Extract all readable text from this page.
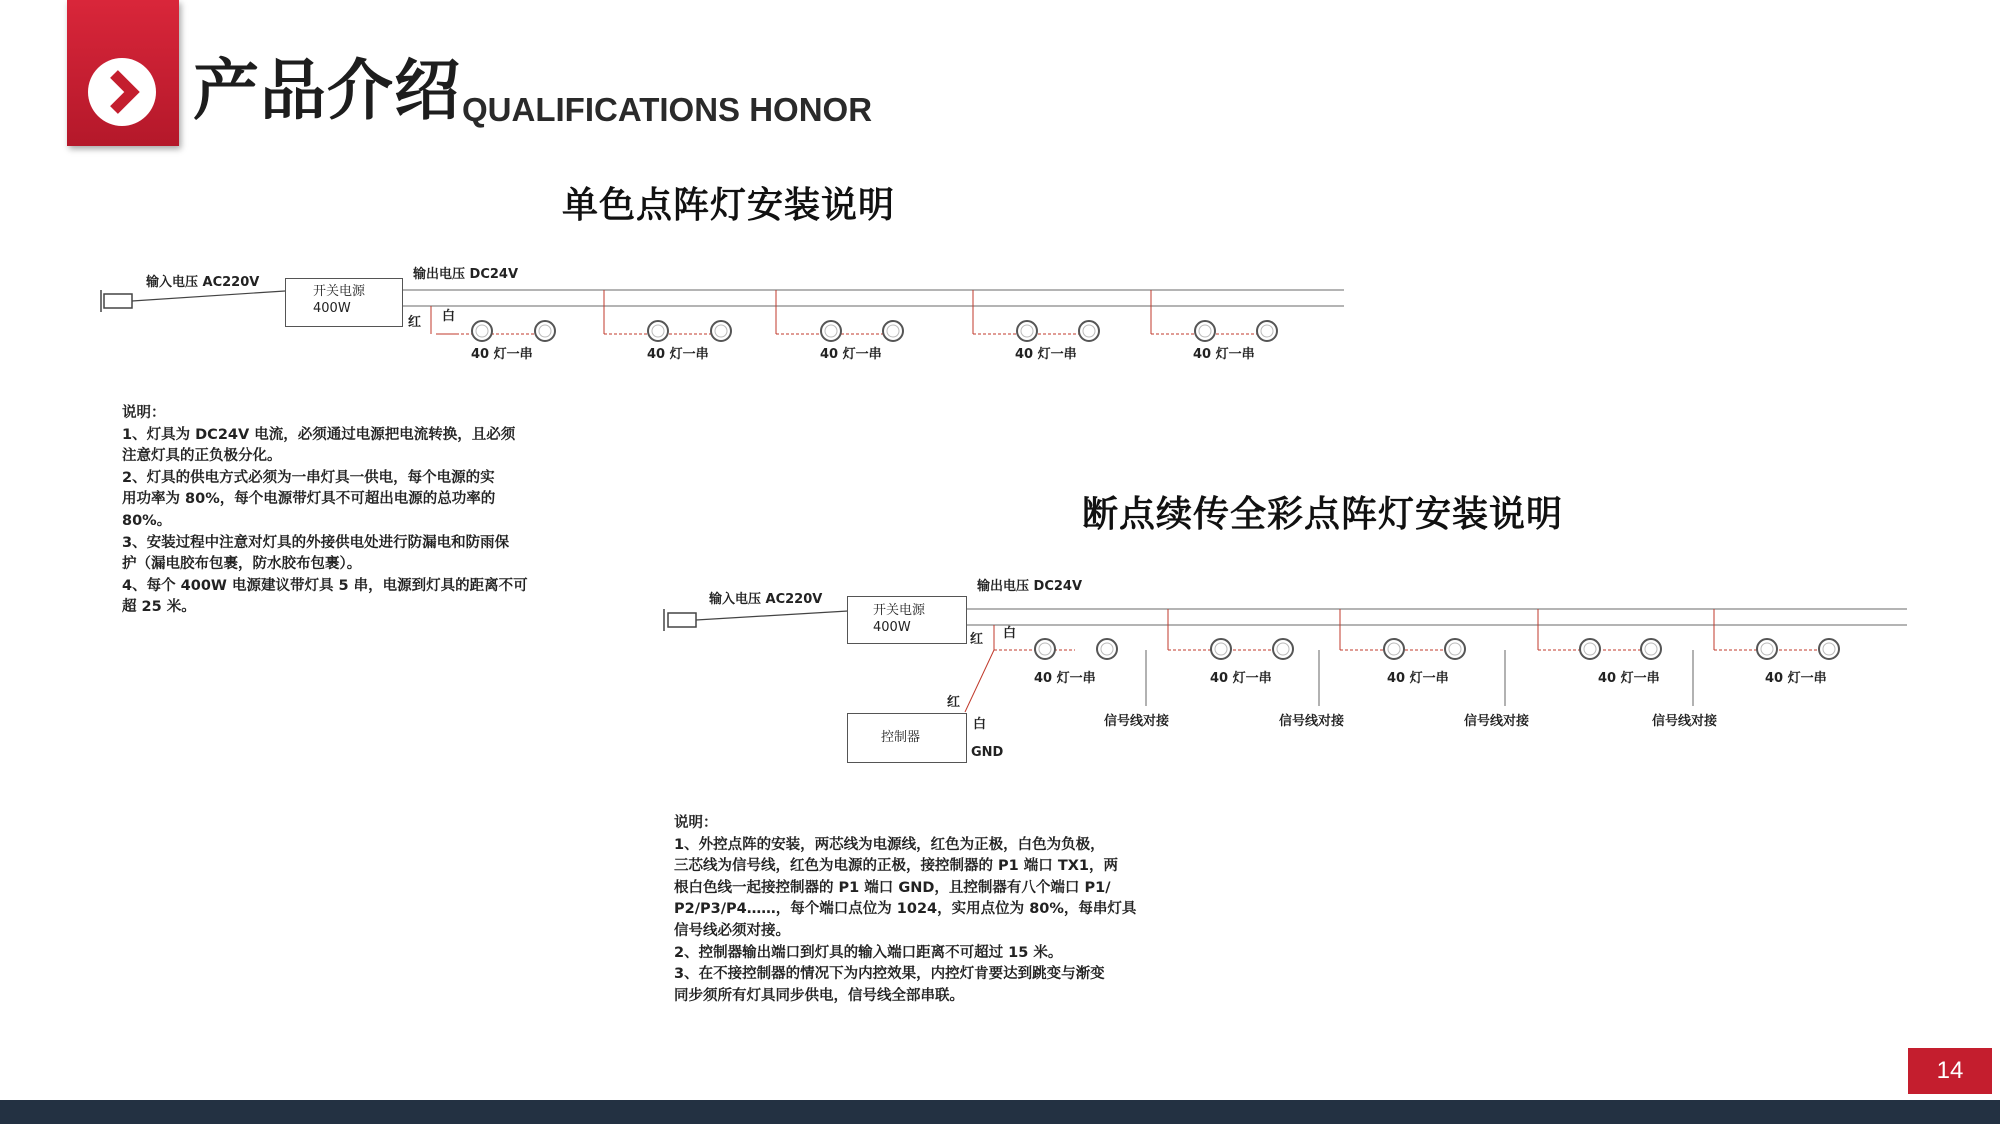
产品介绍 QUALIFICATIONS HONOR
单色点阵灯安装说明
输入电压 AC220V
开关电源
400W
输出电压 DC24V
红 白
40 灯一串	40 灯一串	40 灯一串	40 灯一串	40 灯一串
说明：
1、灯具为 DC24V 电流，必须通过电源把电流转换，且必须
注意灯具的正负极分化。
2、灯具的供电方式必须为一串灯具一供电，每个电源的实
用功率为 80%，每个电源带灯具不可超出电源的总功率的
80%。
3、安装过程中注意对灯具的外接供电处进行防漏电和防雨保
护（漏电胶布包裹，防水胶布包裹）。
4、每个 400W 电源建议带灯具 5 串，电源到灯具的距离不可
超 25 米。
断点续传全彩点阵灯安装说明
输入电压 AC220V
开关电源
400W
输出电压 DC24V
红 白
40 灯一串	40 灯一串	40 灯一串	40 灯一串	40 灯一串
信号线对接	信号线对接	信号线对接	信号线对接
红
控制器
白
GND
说明：
1、外控点阵的安装，两芯线为电源线，红色为正极，白色为负极，
三芯线为信号线，红色为电源的正极，接控制器的 P1 端口 TX1，两
根白色线一起接控制器的 P1 端口 GND，且控制器有八个端口 P1/
P2/P3/P4……，每个端口点位为 1024，实用点位为 80%，每串灯具
信号线必须对接。
2、控制器输出端口到灯具的输入端口距离不可超过 15 米。
3、在不接控制器的情况下为内控效果，内控灯肯要达到跳变与渐变
同步须所有灯具同步供电，信号线全部串联。
14
